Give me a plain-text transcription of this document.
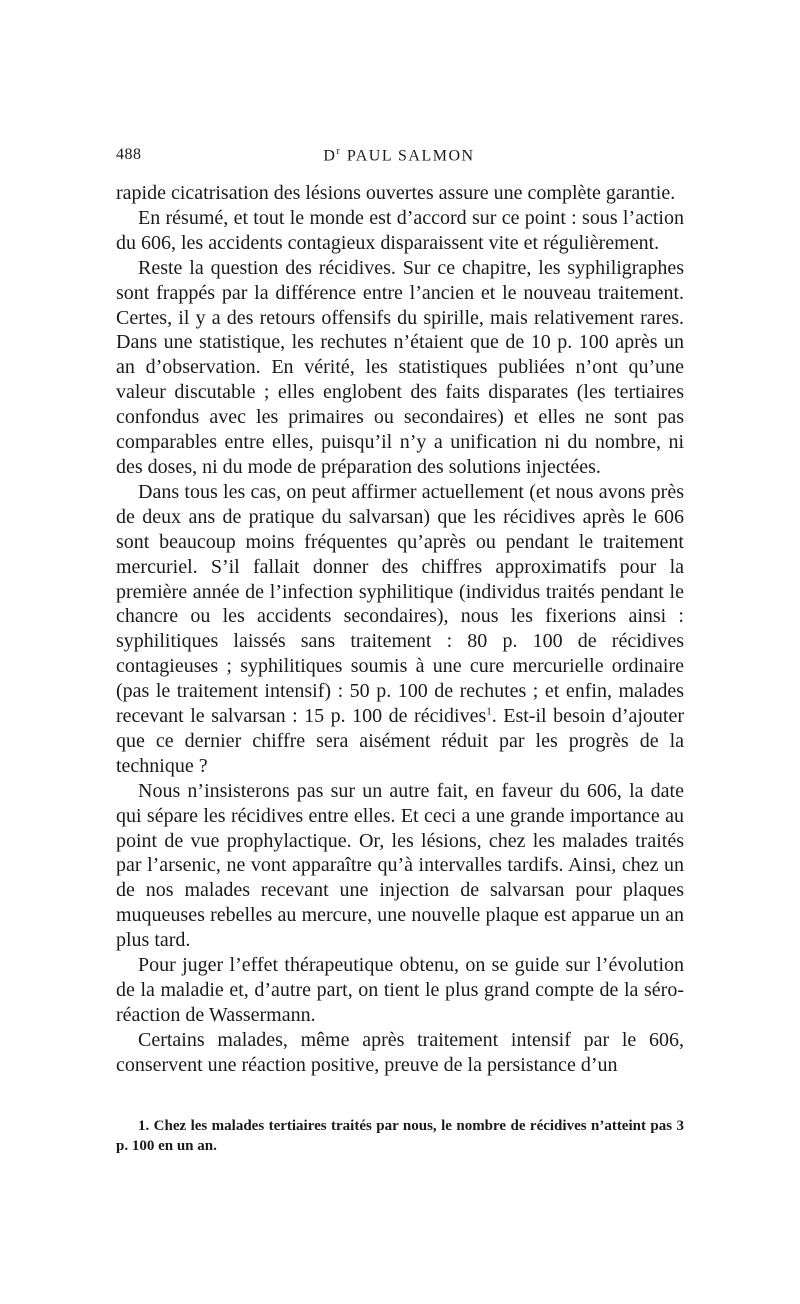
488	$D^r$ PAUL SALMON

rapide cicatrisation des lésions ouvertes assure une complète garantie.

En résumé, et tout le monde est d’accord sur ce point : sous l’action du 606, les accidents contagieux disparaissent vite et régulièrement.

Reste la question des récidives. Sur ce chapitre, les syphiligraphes sont frappés par la différence entre l’ancien et le nouveau traitement. Certes, il y a des retours offensifs du spirille, mais relativement rares. Dans une statistique, les rechutes n’étaient que de 10 p. 100 après un an d’observation. En vérité, les statistiques publiées n’ont qu’une valeur discutable ; elles englobent des faits disparates (les tertiaires confondus avec les primaires ou secondaires) et elles ne sont pas comparables entre elles, puisqu’il n’y a unification ni du nombre, ni des doses, ni du mode de préparation des solutions injectées.

Dans tous les cas, on peut affirmer actuellement (et nous avons près de deux ans de pratique du salvarsan) que les récidives après le 606 sont beaucoup moins fréquentes qu’après ou pendant le traitement mercuriel. S’il fallait donner des chiffres approximatifs pour la première année de l’infection syphilitique (individus traités pendant le chancre ou les accidents secondaires), nous les fixerions ainsi : syphilitiques laissés sans traitement : 80 p. 100 de récidives contagieuses ; syphilitiques soumis à une cure mercurielle ordinaire (pas le traitement intensif) : 50 p. 100 de rechutes ; et enfin, malades recevant le salvarsan : 15 p. 100 de récidives$^1$. Est-il besoin d’ajouter que ce dernier chiffre sera aisément réduit par les progrès de la technique ?

Nous n’insisterons pas sur un autre fait, en faveur du 606, la date qui sépare les récidives entre elles. Et ceci a une grande importance au point de vue prophylactique. Or, les lésions, chez les malades traités par l’arsenic, ne vont apparaître qu’à intervalles tardifs. Ainsi, chez un de nos malades recevant une injection de salvarsan pour plaques muqueuses rebelles au mercure, une nouvelle plaque est apparue un an plus tard.

Pour juger l’effet thérapeutique obtenu, on se guide sur l’évolution de la maladie et, d’autre part, on tient le plus grand compte de la séro-réaction de Wassermann.

Certains malades, même après traitement intensif par le 606, conservent une réaction positive, preuve de la persistance d’un

1. Chez les malades tertiaires traités par nous, le nombre de récidives n’atteint pas 3 p. 100 en un an.
